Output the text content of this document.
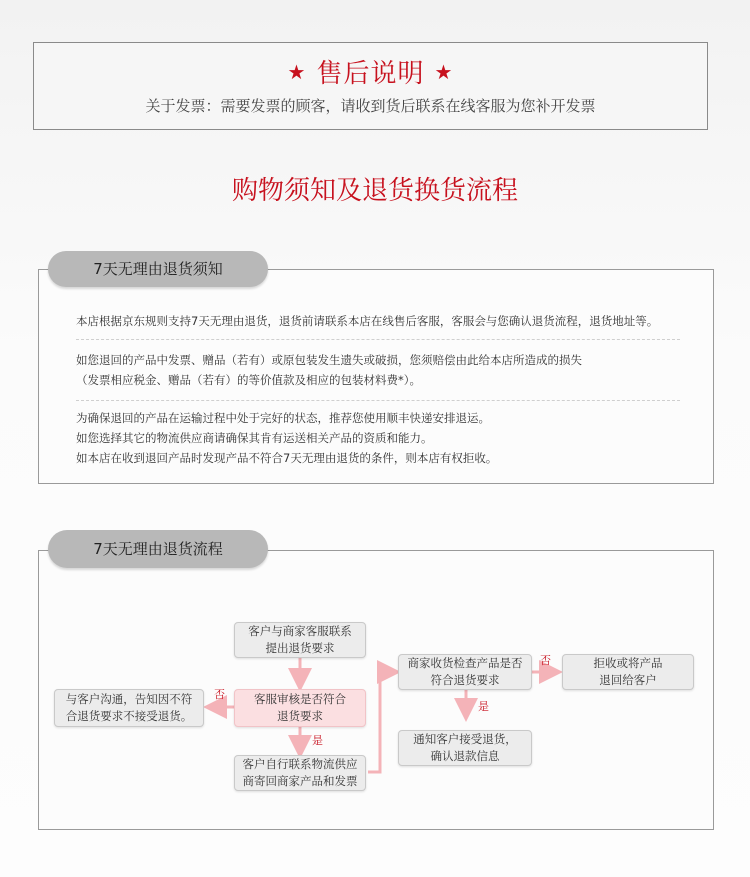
★ 售后说明 ★
关于发票：需要发票的顾客，请收到货后联系在线客服为您补开发票
购物须知及退货换货流程
7天无理由退货须知
本店根据京东规则支持7天无理由退货，退货前请联系本店在线售后客服，客服会与您确认退货流程，退货地址等。
如您退回的产品中发票、赠品（若有）或原包装发生遗失或破损，您须赔偿由此给本店所造成的损失
（发票相应税金、赠品（若有）的等价值款及相应的包装材料费*）。
为确保退回的产品在运输过程中处于完好的状态，推荐您使用顺丰快递安排退运。
如您选择其它的物流供应商请确保其肯有运送相关产品的资质和能力。
如本店在收到退回产品时发现产品不符合7天无理由退货的条件，则本店有权拒收。
7天无理由退货流程
客户与商家客服联系
提出退货要求
客服审核是否符合
退货要求
与客户沟通，告知因不符
合退货要求不接受退货。
客户自行联系物流供应
商寄回商家产品和发票
商家收货检查产品是否
符合退货要求
拒收或将产品
退回给客户
通知客户接受退货，
确认退款信息
否
是
否
是
